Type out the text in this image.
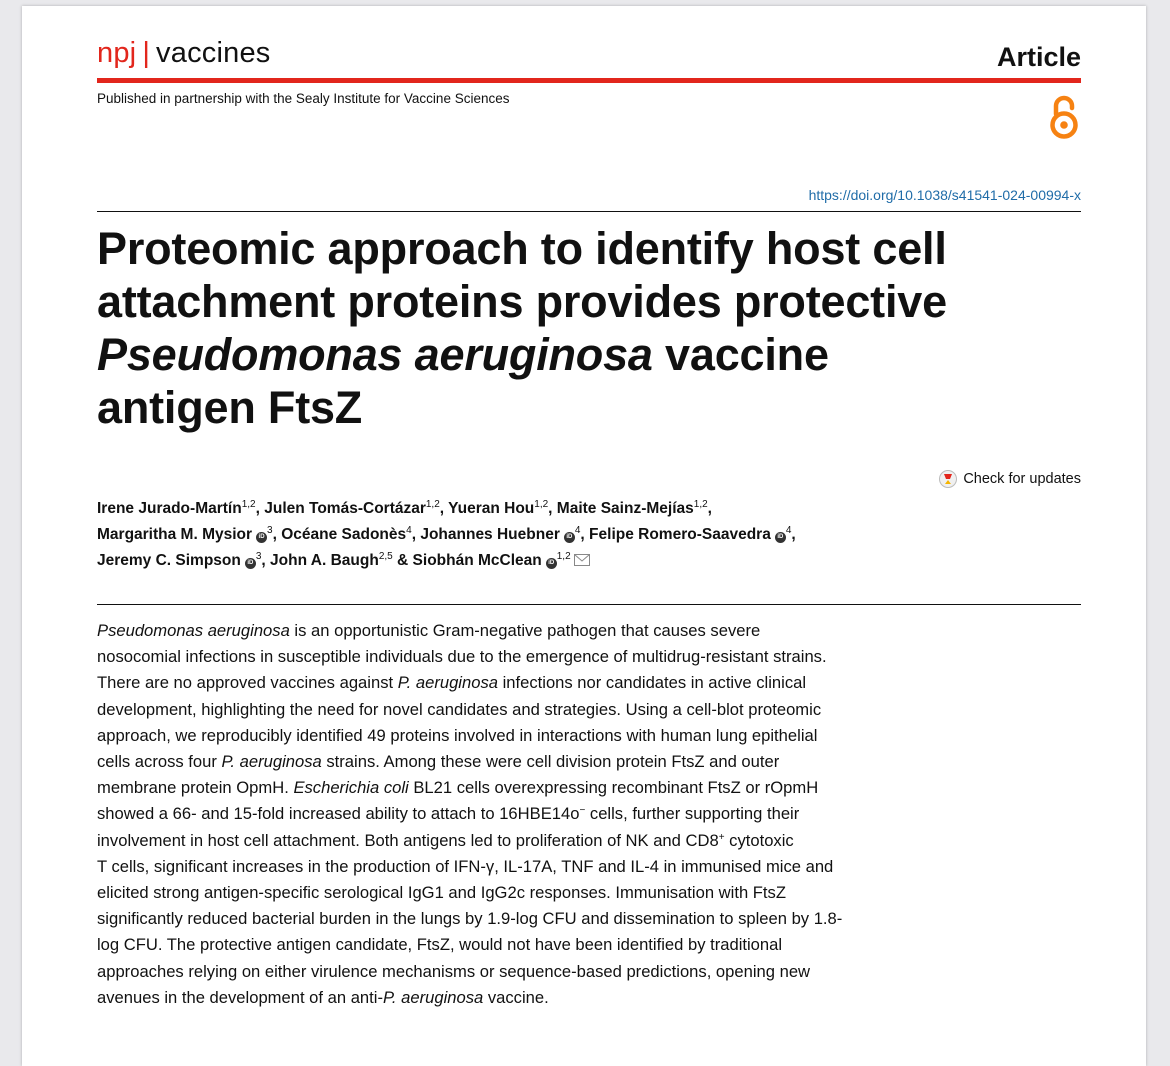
npj | vaccines	Article
Published in partnership with the Sealy Institute for Vaccine Sciences
https://doi.org/10.1038/s41541-024-00994-x
Proteomic approach to identify host cell
attachment proteins provides protective
Pseudomonas aeruginosa vaccine
antigen FtsZ
Check for updates
Irene Jurado-Martín$^{1,2}$, Julen Tomás-Cortázar$^{1,2}$, Yueran Hou$^{1,2}$, Maite Sainz-Mejías$^{1,2}$,
Margaritha M. Mysior $iD^3$, Océane Sadonès$^4$, Johannes Huebner $iD^4$, Felipe Romero-Saavedra $iD^4$,
Jeremy C. Simpson $iD^3$, John A. Baugh$^{2,5}$ & Siobhán McClean iD$^{1,2}$
Pseudomonas aeruginosa is an opportunistic Gram-negative pathogen that causes severe
nosocomial infections in susceptible individuals due to the emergence of multidrug-resistant strains.
There are no approved vaccines against P. aeruginosa infections nor candidates in active clinical
development, highlighting the need for novel candidates and strategies. Using a cell-blot proteomic
approach, we reproducibly identified 49 proteins involved in interactions with human lung epithelial
cells across four P. aeruginosa strains. Among these were cell division protein FtsZ and outer
membrane protein OpmH. Escherichia coli BL21 cells overexpressing recombinant FtsZ or rOpmH
showed a 66- and 15-fold increased ability to attach to 16HBE14o− cells, further supporting their
involvement in host cell attachment. Both antigens led to proliferation of NK and CD8+ cytotoxic
T cells, significant increases in the production of IFN-γ, IL-17A, TNF and IL-4 in immunised mice and
elicited strong antigen-specific serological IgG1 and IgG2c responses. Immunisation with FtsZ
significantly reduced bacterial burden in the lungs by 1.9-log CFU and dissemination to spleen by 1.8-
log CFU. The protective antigen candidate, FtsZ, would not have been identified by traditional
approaches relying on either virulence mechanisms or sequence-based predictions, opening new
avenues in the development of an anti-P. aeruginosa vaccine.
